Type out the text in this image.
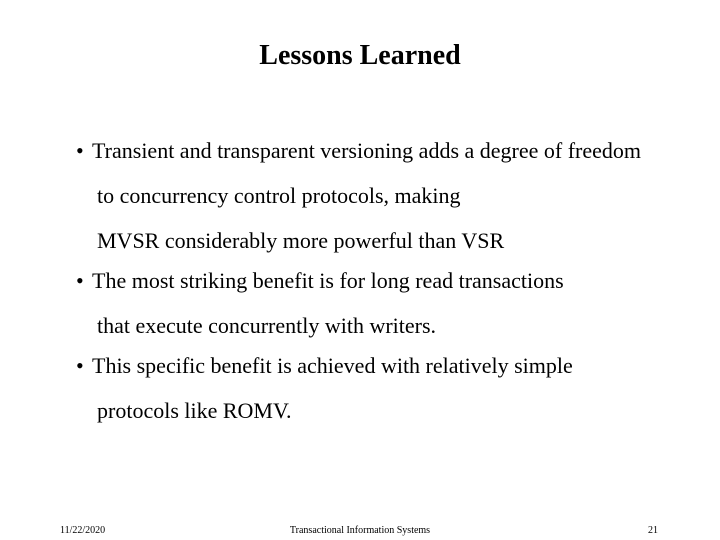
Lessons Learned
• Transient and transparent versioning adds a degree of freedom
to concurrency control protocols, making
MVSR considerably more powerful than VSR
• The most striking benefit is for long read transactions
that execute concurrently with writers.
• This specific benefit is achieved with relatively simple
protocols like ROMV.
11/22/2020	Transactional Information Systems	21
